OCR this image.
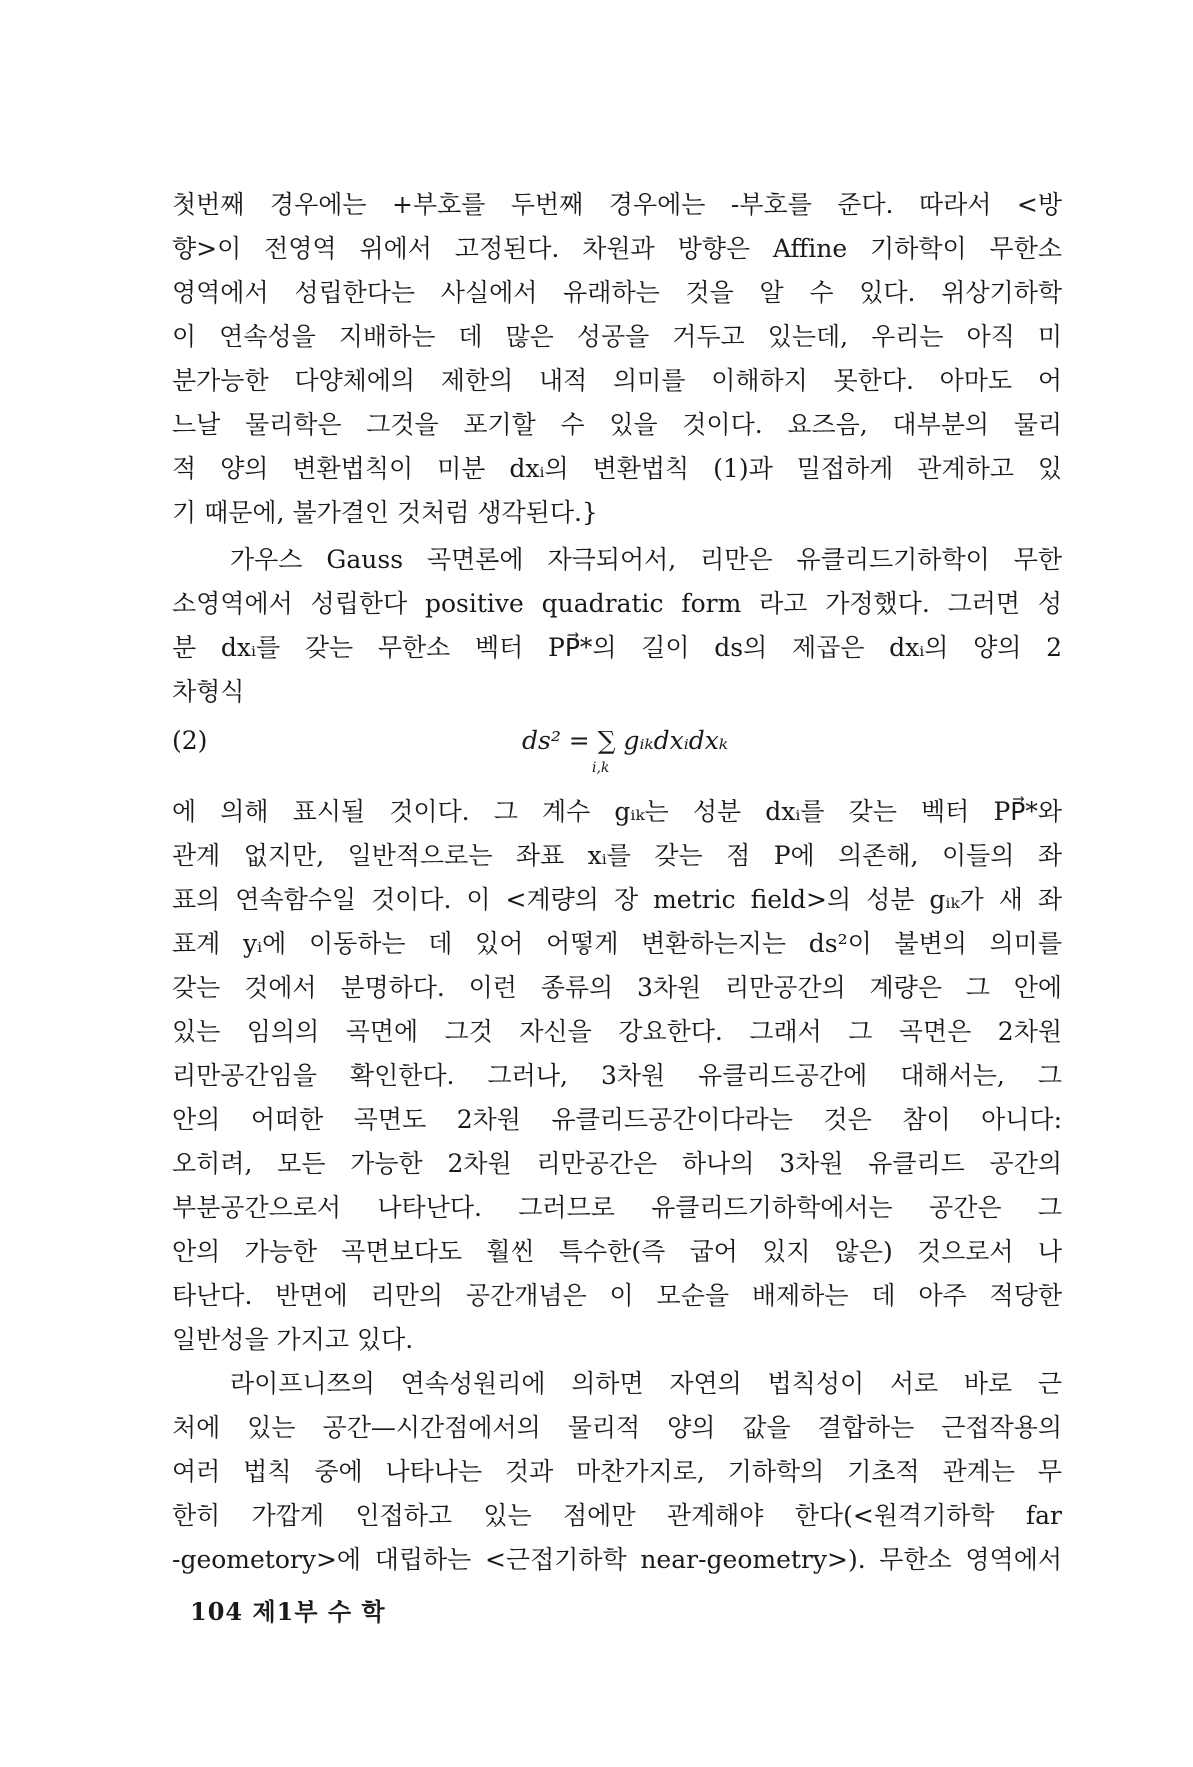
첫번째 경우에는 +부호를 두번째 경우에는 -부호를 준다. 따라서 <방
향>이 전영역 위에서 고정된다. 차원과 방향은 Affine 기하학이 무한소
영역에서 성립한다는 사실에서 유래하는 것을 알 수 있다. 위상기하학
이 연속성을 지배하는 데 많은 성공을 거두고 있는데, 우리는 아직 미
분가능한 다양체에의 제한의 내적 의미를 이해하지 못한다. 아마도 어
느날 물리학은 그것을 포기할 수 있을 것이다. 요즈음, 대부분의 물리
적 양의 변환법칙이 미분 dxᵢ의 변환법칙 (1)과 밀접하게 관계하고 있
기 때문에, 불가결인 것처럼 생각된다.}
가우스 Gauss 곡면론에 자극되어서, 리만은 유클리드기하학이 무한
소영역에서 성립한다 positive quadratic form 라고 가정했다. 그러면 성
분 dxᵢ를 갖는 무한소 벡터 PP⃗*의 길이 ds의 제곱은 dxᵢ의 양의 2
차형식
(2)	ds² = ∑ gᵢₖdxᵢdxₖ
i,k
에 의해 표시될 것이다. 그 계수 gᵢₖ는 성분 dxᵢ를 갖는 벡터 PP⃗*와
관계 없지만, 일반적으로는 좌표 xᵢ를 갖는 점 P에 의존해, 이들의 좌
표의 연속함수일 것이다. 이 <계량의 장 metric field>의 성분 gᵢₖ가 새 좌
표계 yᵢ에 이동하는 데 있어 어떻게 변환하는지는 ds²이 불변의 의미를
갖는 것에서 분명하다. 이런 종류의 3차원 리만공간의 계량은 그 안에
있는 임의의 곡면에 그것 자신을 강요한다. 그래서 그 곡면은 2차원
리만공간임을 확인한다. 그러나, 3차원 유클리드공간에 대해서는, 그
안의 어떠한 곡면도 2차원 유클리드공간이다라는 것은 참이 아니다:
오히려, 모든 가능한 2차원 리만공간은 하나의 3차원 유클리드 공간의
부분공간으로서 나타난다. 그러므로 유클리드기하학에서는 공간은 그
안의 가능한 곡면보다도 훨씬 특수한(즉 굽어 있지 않은) 것으로서 나
타난다. 반면에 리만의 공간개념은 이 모순을 배제하는 데 아주 적당한
일반성을 가지고 있다.
라이프니쯔의 연속성원리에 의하면 자연의 법칙성이 서로 바로 근
처에 있는 공간—시간점에서의 물리적 양의 값을 결합하는 근접작용의
여러 법칙 중에 나타나는 것과 마찬가지로, 기하학의 기초적 관계는 무
한히 가깝게 인접하고 있는 점에만 관계해야 한다(<원격기하학 far
-geometory>에 대립하는 <근접기하학 near-geometry>). 무한소 영역에서
104 제1부 수 학
